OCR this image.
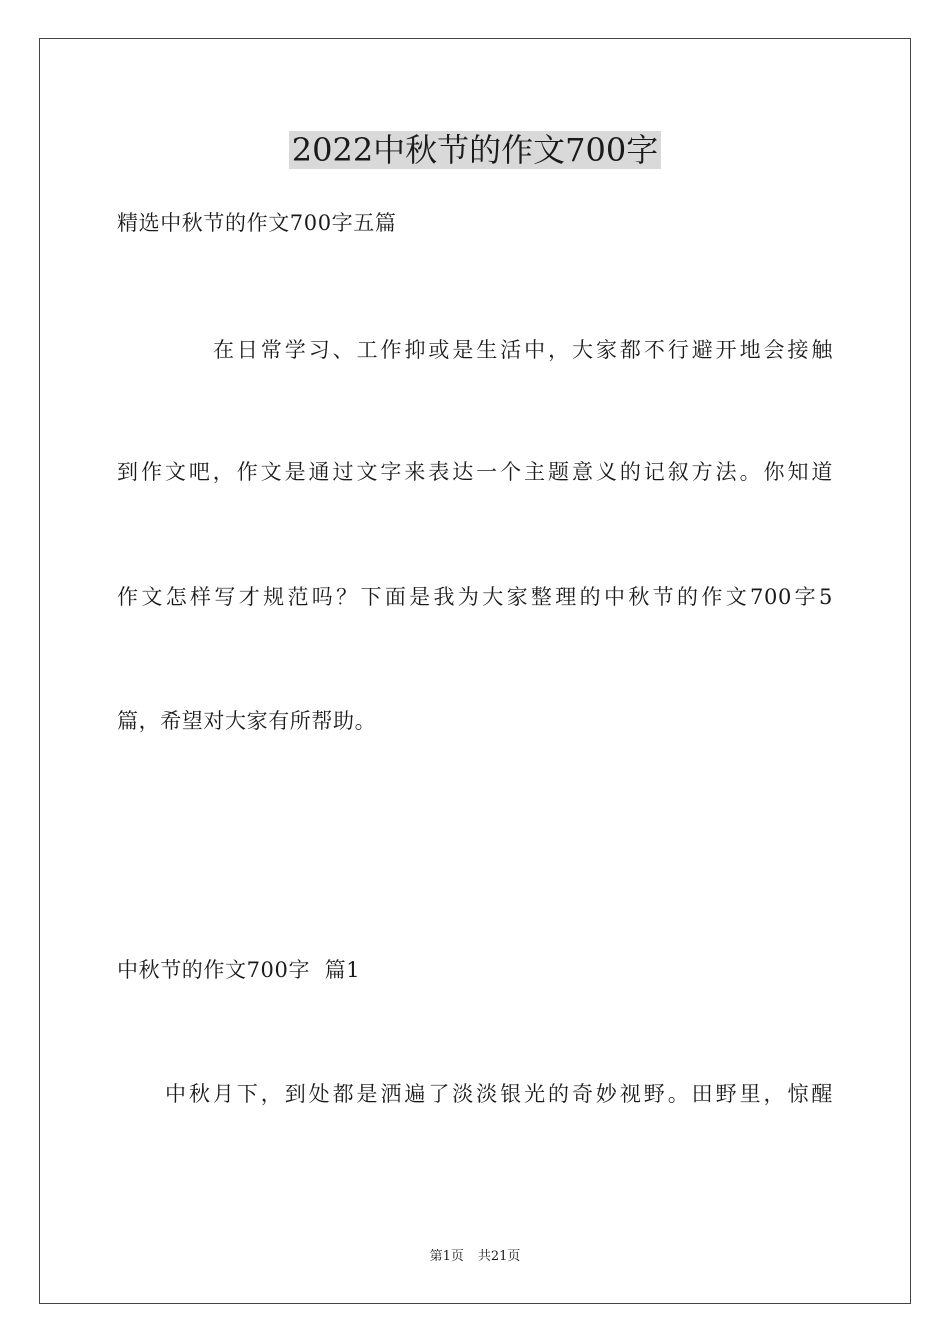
2022中秋节的作文700字
精选中秋节的作文700字五篇
在日常学习、工作抑或是生活中，大家都不行避开地会接触
到作文吧，作文是通过文字来表达一个主题意义的记叙方法。你知道
作文怎样写才规范吗？下面是我为大家整理的中秋节的作文700字5
篇，希望对大家有所帮助。
中秋节的作文700字  篇1
中秋月下，到处都是洒遍了淡淡银光的奇妙视野。田野里，惊醒
第1页 共21页
